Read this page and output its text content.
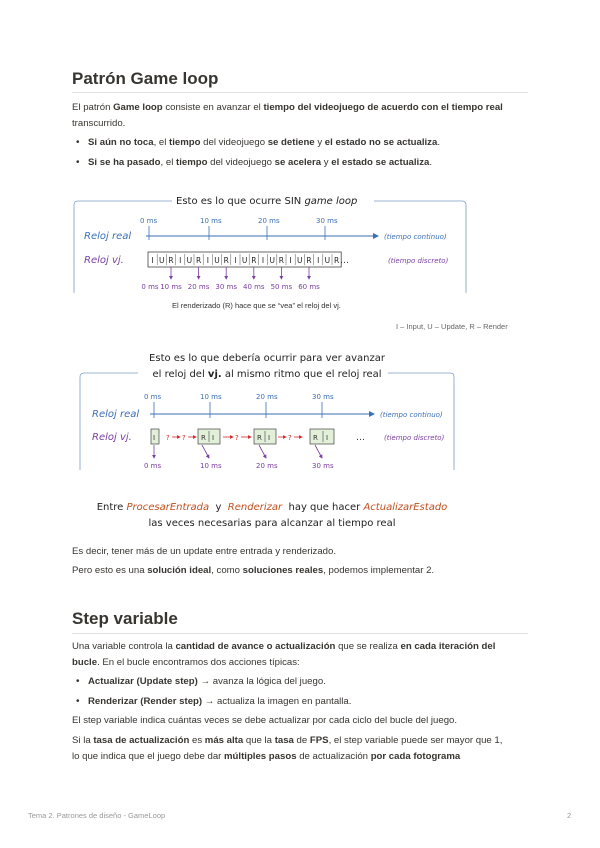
Patrón Game loop

El patrón Game loop consiste en avanzar el tiempo del videojuego de acuerdo con el tiempo real
transcurrido.

• Si aún no toca, el tiempo del videojuego se detiene y el estado no se actualiza.
• Si se ha pasado, el tiempo del videojuego se acelera y el estado se actualiza.
Esto es lo que ocurre SIN game loop
0 ms	10 ms	20 ms	30 ms
Reloj real	(tiempo continuo)
Reloj vj.	I U R I U R I U R I U R I U R I U R I U R …	(tiempo discreto)
0 ms 10 ms 20 ms 30 ms 40 ms 50 ms 60 ms
El renderizado (R) hace que se “vea” el reloj del vj.
I – Input, U – Update, R – Render
Esto es lo que debería ocurrir para ver avanzar
el reloj del vj. al mismo ritmo que el reloj real
0 ms	10 ms	20 ms	30 ms
Reloj real	(tiempo continuo)
Reloj vj.	I ? ? R I	?	R I	?	R I	…	(tiempo discreto)
0 ms	10 ms	20 ms	30 ms
Entre ProcesarEntrada  y  Renderizar  hay que hacer ActualizarEstado
las veces necesarias para alcanzar al tiempo real

Es decir, tener más de un update entre entrada y renderizado.

Pero esto es una solución ideal, como soluciones reales, podemos implementar 2.

Step variable

Una variable controla la cantidad de avance o actualización que se realiza en cada iteración del
bucle. En el bucle encontramos dos acciones típicas:

• Actualizar (Update step) → avanza la lógica del juego.
• Renderizar (Render step) → actualiza la imagen en pantalla.

El step variable indica cuántas veces se debe actualizar por cada ciclo del bucle del juego.

Si la tasa de actualización es más alta que la tasa de FPS, el step variable puede ser mayor que 1,
lo que indica que el juego debe dar múltiples pasos de actualización por cada fotograma

Tema 2. Patrones de diseño - GameLoop	2
